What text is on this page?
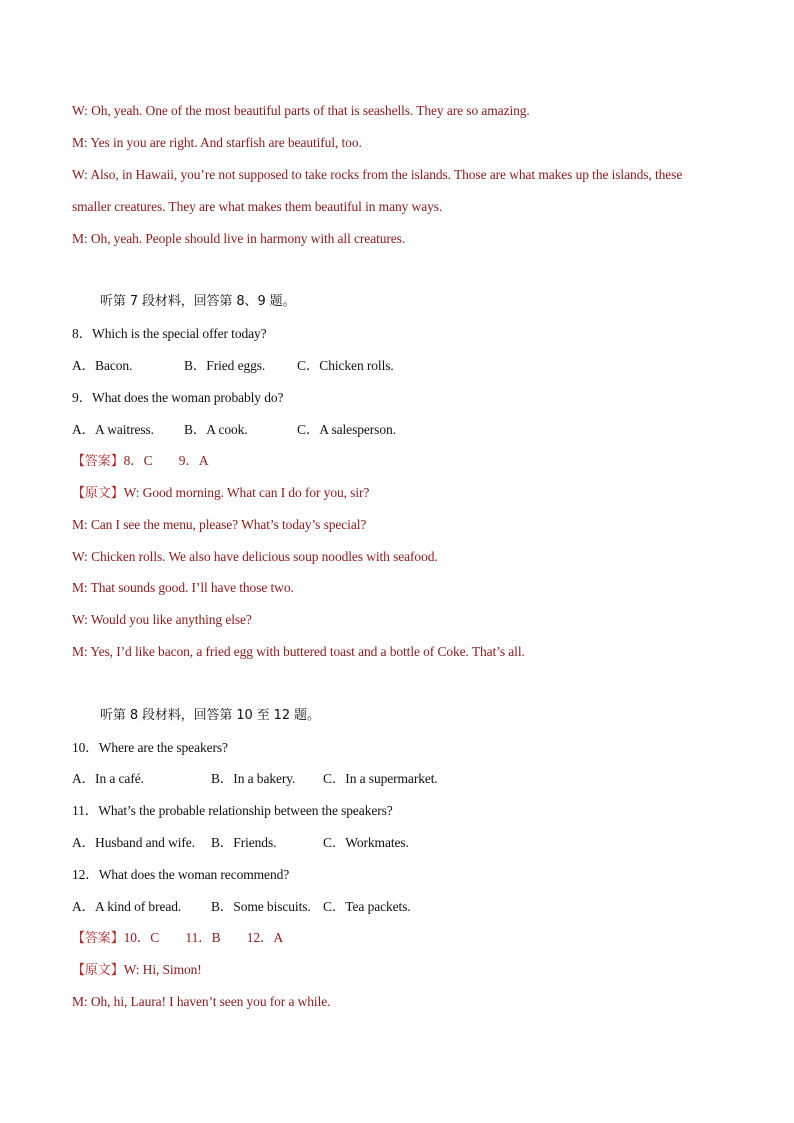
W: Oh, yeah. One of the most beautiful parts of that is seashells. They are so amazing.
M: Yes in you are right. And starfish are beautiful, too.
W: Also, in Hawaii, you’re not supposed to take rocks from the islands. Those are what makes up the islands, these
smaller creatures. They are what makes them beautiful in many ways.
M: Oh, yeah. People should live in harmony with all creatures.
听第 7 段材料，回答第 8、9 题。
8．Which is the special offer today?
A．Bacon.	B．Fried eggs. C．Chicken rolls.
9．What does the woman probably do?
A．A waitress. B．A cook.	C．A salesperson.
【答案】8．C        9．A
【原文】W: Good morning. What can I do for you, sir?
M: Can I see the menu, please? What’s today’s special?
W: Chicken rolls. We also have delicious soup noodles with seafood.
M: That sounds good. I’ll have those two.
W: Would you like anything else?
M: Yes, I’d like bacon, a fried egg with buttered toast and a bottle of Coke. That’s all.
听第 8 段材料，回答第 10 至 12 题。
10．Where are the speakers?
A．In a café.	B．In a bakery. C．In a supermarket.
11．What’s the probable relationship between the speakers?
A．Husband and wife. B．Friends.	C．Workmates.
12．What does the woman recommend?
A．A kind of bread. B．Some biscuits. C．Tea packets.
【答案】10．C        11．B        12．A
【原文】W: Hi, Simon!
M: Oh, hi, Laura! I haven’t seen you for a while.
